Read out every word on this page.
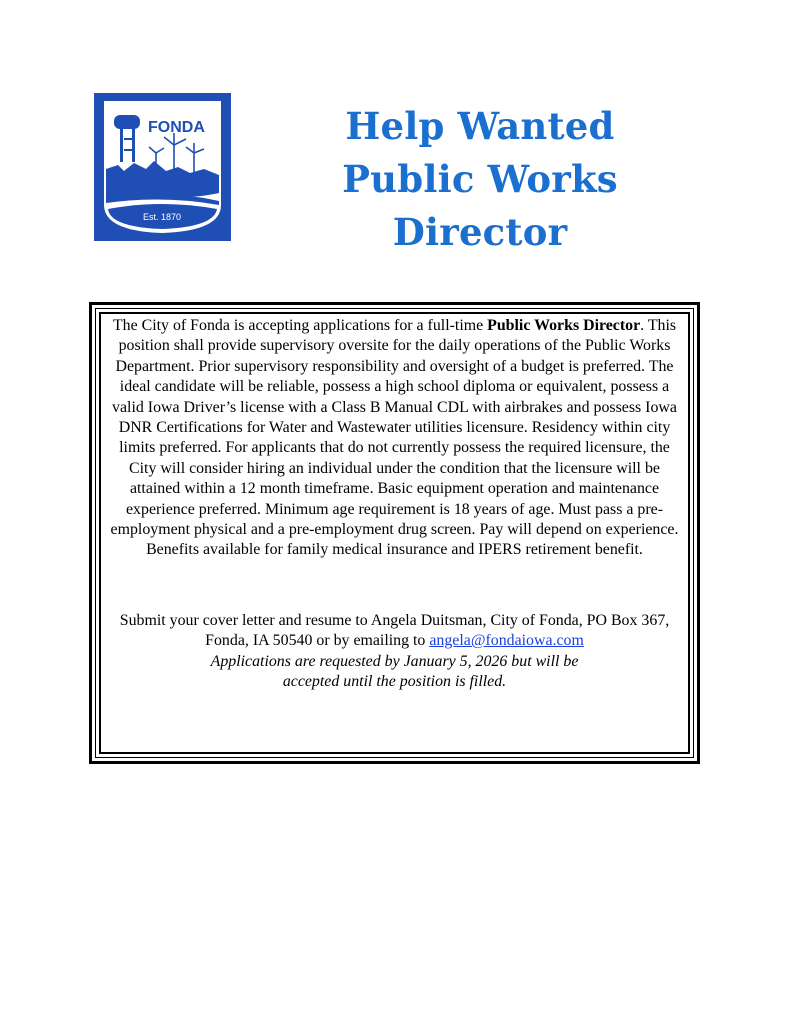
FONDA
Est. 1870
Help Wanted
Public Works
Director

The City of Fonda is accepting applications for a full-time Public Works Director. This position shall provide supervisory oversite for the daily operations of the Public Works Department. Prior supervisory responsibility and oversight of a budget is preferred. The ideal candidate will be reliable, possess a high school diploma or equivalent, possess a valid Iowa Driver’s license with a Class B Manual CDL with airbrakes and possess Iowa DNR Certifications for Water and Wastewater utilities licensure. Residency within city limits preferred. For applicants that do not currently possess the required licensure, the City will consider hiring an individual under the condition that the licensure will be attained within a 12 month timeframe. Basic equipment operation and maintenance experience preferred. Minimum age requirement is 18 years of age. Must pass a pre-employment physical and a pre-employment drug screen. Pay will depend on experience. Benefits available for family medical insurance and IPERS retirement benefit.

Submit your cover letter and resume to Angela Duitsman, City of Fonda, PO Box 367, Fonda, IA 50540 or by emailing to angela@fondaiowa.com
Applications are requested by January 5, 2026 but will be
accepted until the position is filled.
